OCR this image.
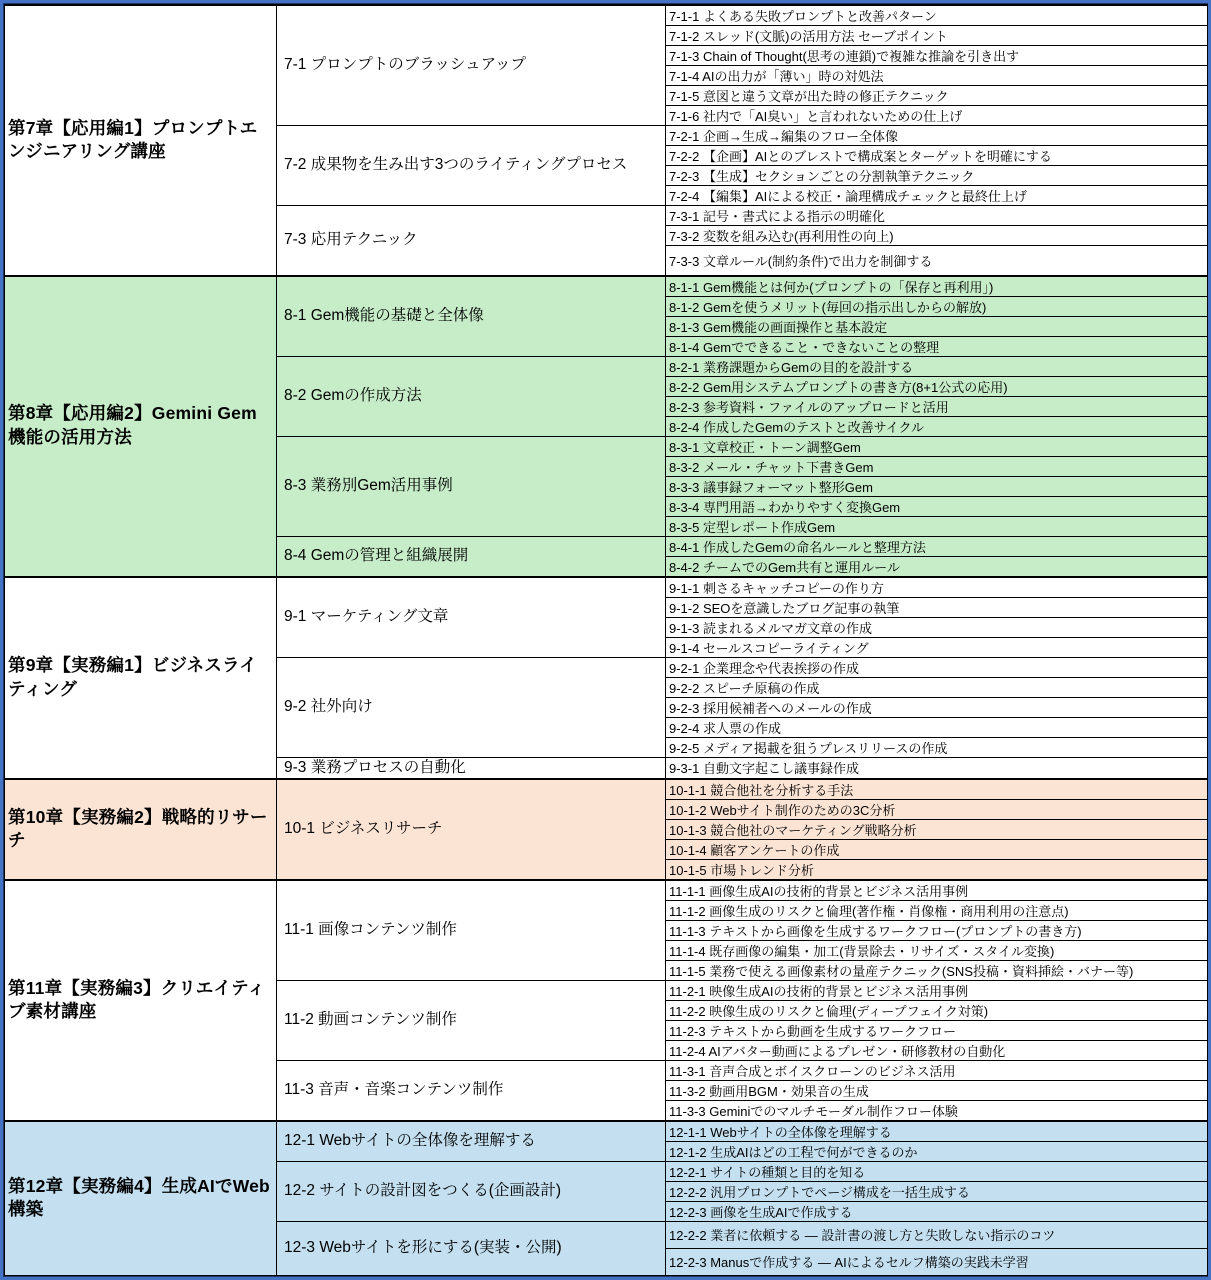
第7章【応用編1】プロンプトエンジニアリング講座	7-1 プロンプトのブラッシュアップ	7-1-1 よくある失敗プロンプトと改善パターン
		7-1-2 スレッド(文脈)の活用方法 セーブポイント
		7-1-3 Chain of Thought(思考の連鎖)で複雑な推論を引き出す
		7-1-4 AIの出力が「薄い」時の対処法
		7-1-5 意図と違う文章が出た時の修正テクニック
		7-1-6 社内で「AI臭い」と言われないための仕上げ
	7-2 成果物を生み出す3つのライティングプロセス	7-2-1 企画→生成→編集のフロー全体像
		7-2-2 【企画】AIとのブレストで構成案とターゲットを明確にする
		7-2-3 【生成】セクションごとの分割執筆テクニック
		7-2-4 【編集】AIによる校正・論理構成チェックと最終仕上げ
	7-3 応用テクニック	7-3-1 記号・書式による指示の明確化
		7-3-2 変数を組み込む(再利用性の向上)
		7-3-3 文章ルール(制約条件)で出力を制御する
第8章【応用編2】Gemini Gem機能の活用方法	8-1 Gem機能の基礎と全体像	8-1-1 Gem機能とは何か(プロンプトの「保存と再利用」)
		8-1-2 Gemを使うメリット(毎回の指示出しからの解放)
		8-1-3 Gem機能の画面操作と基本設定
		8-1-4 Gemでできること・できないことの整理
	8-2 Gemの作成方法	8-2-1 業務課題からGemの目的を設計する
		8-2-2 Gem用システムプロンプトの書き方(8+1公式の応用)
		8-2-3 参考資料・ファイルのアップロードと活用
		8-2-4 作成したGemのテストと改善サイクル
	8-3 業務別Gem活用事例	8-3-1 文章校正・トーン調整Gem
		8-3-2 メール・チャット下書きGem
		8-3-3 議事録フォーマット整形Gem
		8-3-4 専門用語→わかりやすく変換Gem
		8-3-5 定型レポート作成Gem
	8-4 Gemの管理と組織展開	8-4-1 作成したGemの命名ルールと整理方法
		8-4-2 チームでのGem共有と運用ルール
第9章【実務編1】ビジネスライティング	9-1 マーケティング文章	9-1-1 刺さるキャッチコピーの作り方
		9-1-2 SEOを意識したブログ記事の執筆
		9-1-3 読まれるメルマガ文章の作成
		9-1-4 セールスコピーライティング
	9-2 社外向け	9-2-1 企業理念や代表挨拶の作成
		9-2-2 スピーチ原稿の作成
		9-2-3 採用候補者へのメールの作成
		9-2-4 求人票の作成
		9-2-5 メディア掲載を狙うプレスリリースの作成
	9-3 業務プロセスの自動化	9-3-1 自動文字起こし議事録作成
第10章【実務編2】戦略的リサーチ	10-1 ビジネスリサーチ	10-1-1 競合他社を分析する手法
		10-1-2 Webサイト制作のための3C分析
		10-1-3 競合他社のマーケティング戦略分析
		10-1-4 顧客アンケートの作成
		10-1-5 市場トレンド分析
第11章【実務編3】クリエイティブ素材講座	11-1 画像コンテンツ制作	11-1-1 画像生成AIの技術的背景とビジネス活用事例
		11-1-2 画像生成のリスクと倫理(著作権・肖像権・商用利用の注意点)
		11-1-3 テキストから画像を生成するワークフロー(プロンプトの書き方)
		11-1-4 既存画像の編集・加工(背景除去・リサイズ・スタイル変換)
		11-1-5 業務で使える画像素材の量産テクニック(SNS投稿・資料挿絵・バナー等)
	11-2 動画コンテンツ制作	11-2-1 映像生成AIの技術的背景とビジネス活用事例
		11-2-2 映像生成のリスクと倫理(ディープフェイク対策)
		11-2-3 テキストから動画を生成するワークフロー
		11-2-4 AIアバター動画によるプレゼン・研修教材の自動化
	11-3 音声・音楽コンテンツ制作	11-3-1 音声合成とボイスクローンのビジネス活用
		11-3-2 動画用BGM・効果音の生成
		11-3-3 Geminiでのマルチモーダル制作フロー体験
第12章【実務編4】生成AIでWeb構築	12-1 Webサイトの全体像を理解する	12-1-1 Webサイトの全体像を理解する
		12-1-2 生成AIはどの工程で何ができるのか
	12-2 サイトの設計図をつくる(企画設計)	12-2-1 サイトの種類と目的を知る
		12-2-2 汎用プロンプトでページ構成を一括生成する
		12-2-3 画像を生成AIで作成する
	12-3 Webサイトを形にする(実装・公開)	12-2-2 業者に依頼する ― 設計書の渡し方と失敗しない指示のコツ
		12-2-3 Manusで作成する ― AIによるセルフ構築の実践未学習
